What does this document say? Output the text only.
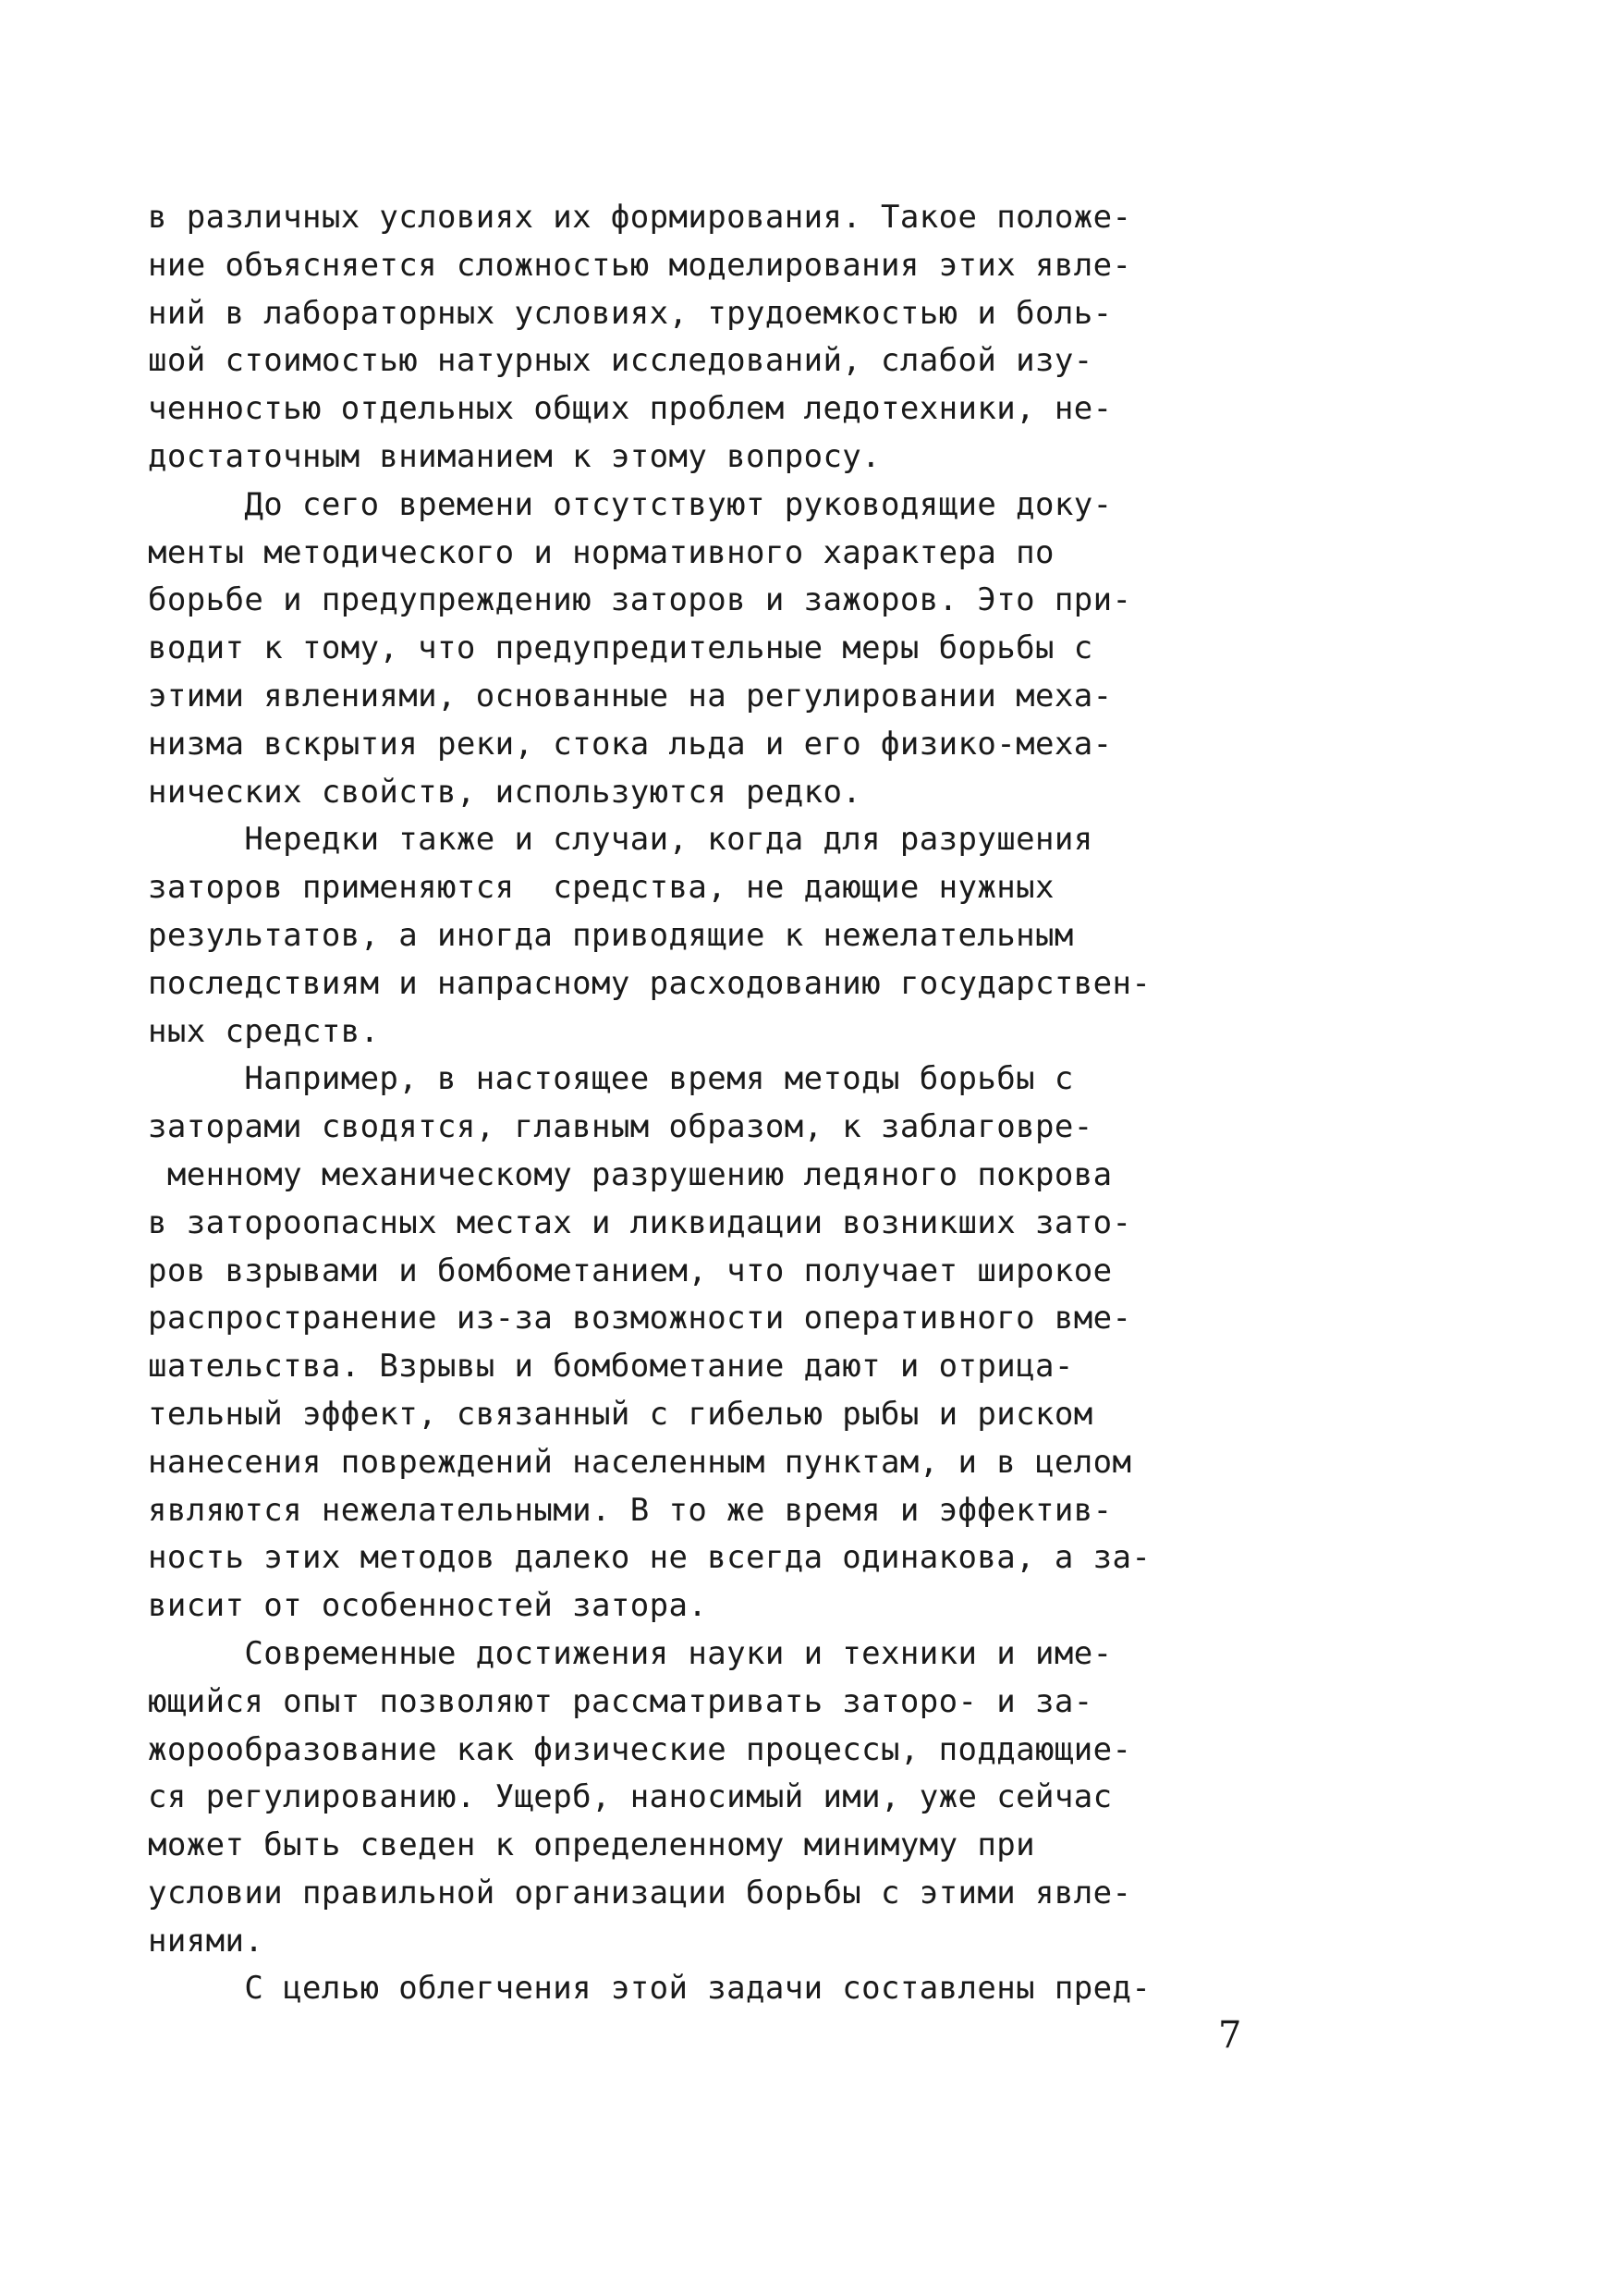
в различных условиях их формирования. Такое положе-
ние объясняется сложностью моделирования этих явле-
ний в лабораторных условиях, трудоемкостью и боль-
шой стоимостью натурных исследований, слабой изу-
ченностью отдельных общих проблем ледотехники, не-
достаточным вниманием к этому вопросу.
До сего времени отсутствуют руководящие доку-
менты методического и нормативного характера по
борьбе и предупреждению заторов и зажоров. Это при-
водит к тому, что предупредительные меры борьбы с
этими явлениями, основанные на регулировании меха-
низма вскрытия реки, стока льда и его физико-меха-
нических свойств, используются редко.
Нередки также и случаи, когда для разрушения
заторов применяются  средства, не дающие нужных
результатов, а иногда приводящие к нежелательным
последствиям и напрасному расходованию государствен-
ных средств.
Например, в настоящее время методы борьбы с
заторами сводятся, главным образом, к заблаговре-
менному механическому разрушению ледяного покрова
в заторoопасных местах и ликвидации возникших зато-
ров взрывами и бомбометанием, что получает широкое
распространение из-за возможности оперативного вме-
шательства. Взрывы и бомбометание дают и отрица-
тельный эффект, связанный с гибелью рыбы и риском
нанесения повреждений населенным пунктам, и в целом
являются нежелательными. В то же время и эффектив-
ность этих методов далеко не всегда одинакова, а за-
висит от особенностей затора.
Современные достижения науки и техники и име-
ющийся опыт позволяют рассматривать заторо- и за-
жорообразование как физические процессы, поддающие-
ся регулированию. Ущерб, наносимый ими, уже сейчас
может быть сведен к определенному минимуму при
условии правильной организации борьбы с этими явле-
ниями.
С целью облегчения этой задачи составлены пред-
7
